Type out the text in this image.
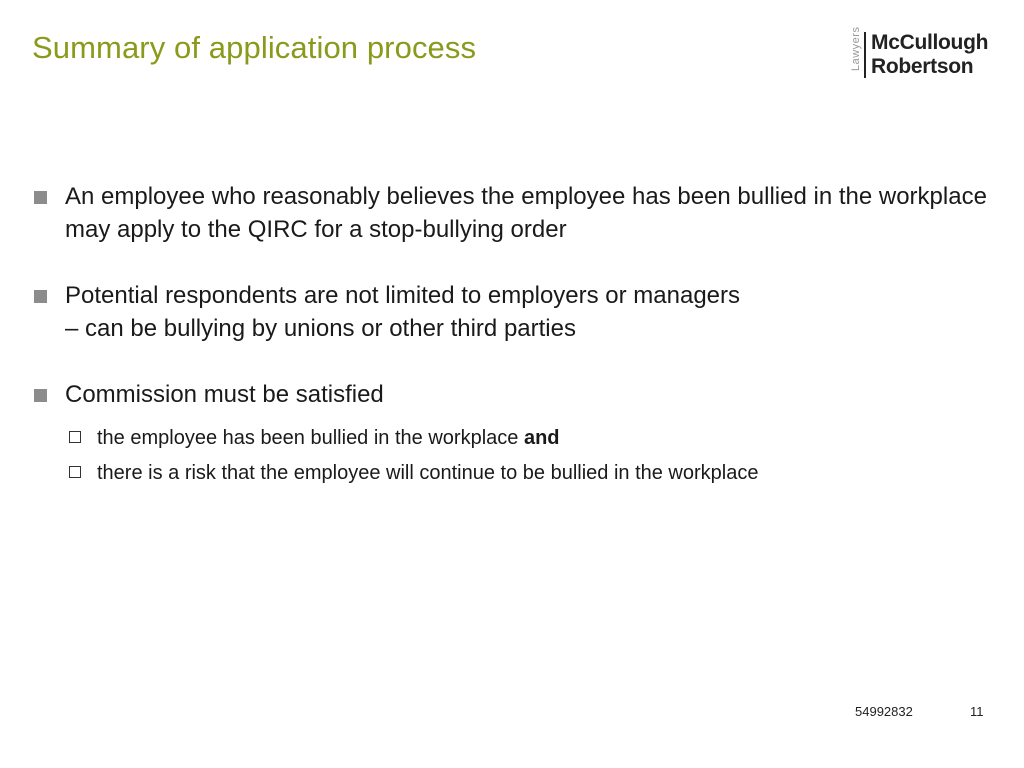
Summary of application process	Lawyers McCullough
Robertson
An employee who reasonably believes the employee has been bullied in the workplace may apply to the QIRC for a stop-bullying order
Potential respondents are not limited to employers or managers
– can be bullying by unions or other third parties
Commission must be satisfied
the employee has been bullied in the workplace and
there is a risk that the employee will continue to be bullied in the workplace
54992832	11
